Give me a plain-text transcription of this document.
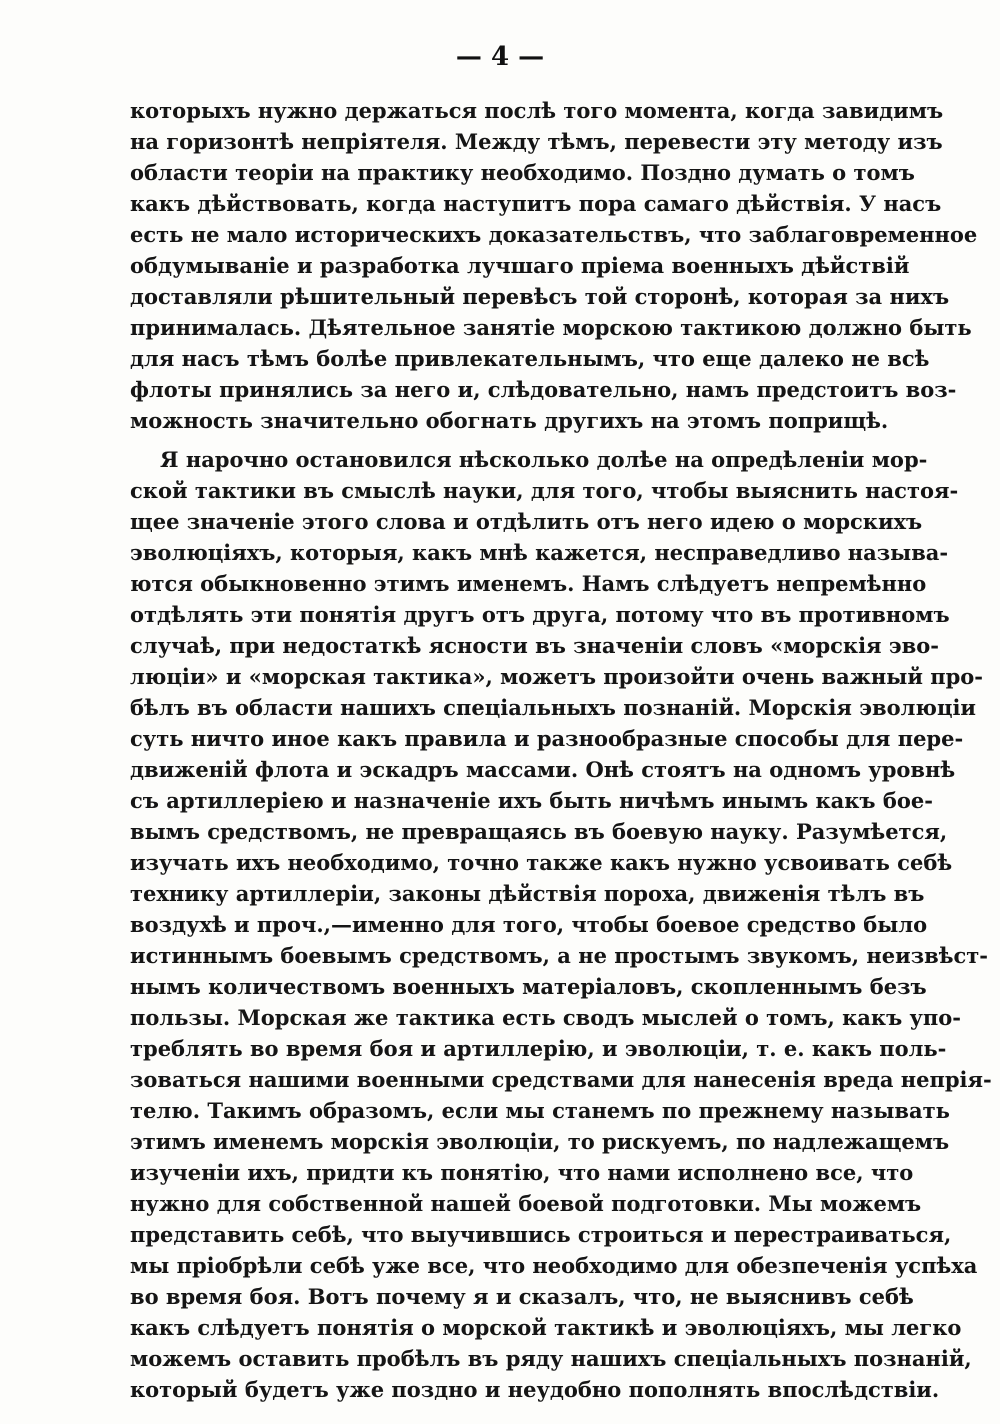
— 4 —
которыхъ нужно держаться послѣ того момента, когда завидимъ
на горизонтѣ непріятеля. Между тѣмъ, перевести эту методу изъ
области теоріи на практику необходимо. Поздно думать о томъ
какъ дѣйствовать, когда наступитъ пора самаго дѣйствія. У насъ
есть не мало историческихъ доказательствъ, что заблаговременное
обдумываніе и разработка лучшаго пріема военныхъ дѣйствій
доставляли рѣшительный перевѣсъ той сторонѣ, которая за нихъ
принималась. Дѣятельное занятіе морскою тактикою должно быть
для насъ тѣмъ болѣе привлекательнымъ, что еще далеко не всѣ
флоты принялись за него и, слѣдовательно, намъ предстоитъ воз-
можность значительно обогнать другихъ на этомъ поприщѣ.
Я нарочно остановился нѣсколько долѣе на опредѣленіи мор-
ской тактики въ смыслѣ науки, для того, чтобы выяснить настоя-
щее значеніе этого слова и отдѣлить отъ него идею о морскихъ
эволюціяхъ, которыя, какъ мнѣ кажется, несправедливо называ-
ются обыкновенно этимъ именемъ. Намъ слѣдуетъ непремѣнно
отдѣлять эти понятія другъ отъ друга, потому что въ противномъ
случаѣ, при недостаткѣ ясности въ значеніи словъ «морскія эво-
люціи» и «морская тактика», можетъ произойти очень важный про-
бѣлъ въ области нашихъ спеціальныхъ познаній. Морскія эволюціи
суть ничто иное какъ правила и разнообразные способы для пере-
движеній флота и эскадръ массами. Онѣ стоятъ на одномъ уровнѣ
съ артиллеріею и назначеніе ихъ быть ничѣмъ инымъ какъ бое-
вымъ средствомъ, не превращаясь въ боевую науку. Разумѣется,
изучать ихъ необходимо, точно также какъ нужно усвоивать себѣ
технику артиллеріи, законы дѣйствія пороха, движенія тѣлъ въ
воздухѣ и проч.,—именно для того, чтобы боевое средство было
истиннымъ боевымъ средствомъ, а не простымъ звукомъ, неизвѣст-
нымъ количествомъ военныхъ матеріаловъ, скопленнымъ безъ
пользы. Морская же тактика есть сводъ мыслей о томъ, какъ упо-
треблять во время боя и артиллерію, и эволюціи, т. е. какъ поль-
зоваться нашими военными средствами для нанесенія вреда непрія-
телю. Такимъ образомъ, если мы станемъ по прежнему называть
этимъ именемъ морскія эволюціи, то рискуемъ, по надлежащемъ
изученіи ихъ, придти къ понятію, что нами исполнено все, что
нужно для собственной нашей боевой подготовки. Мы можемъ
представить себѣ, что выучившись строиться и перестраиваться,
мы пріобрѣли себѣ уже все, что необходимо для обезпеченія успѣха
во время боя. Вотъ почему я и сказалъ, что, не выяснивъ себѣ
какъ слѣдуетъ понятія о морской тактикѣ и эволюціяхъ, мы легко
можемъ оставить пробѣлъ въ ряду нашихъ спеціальныхъ познаній,
который будетъ уже поздно и неудобно пополнять впослѣдствіи.
